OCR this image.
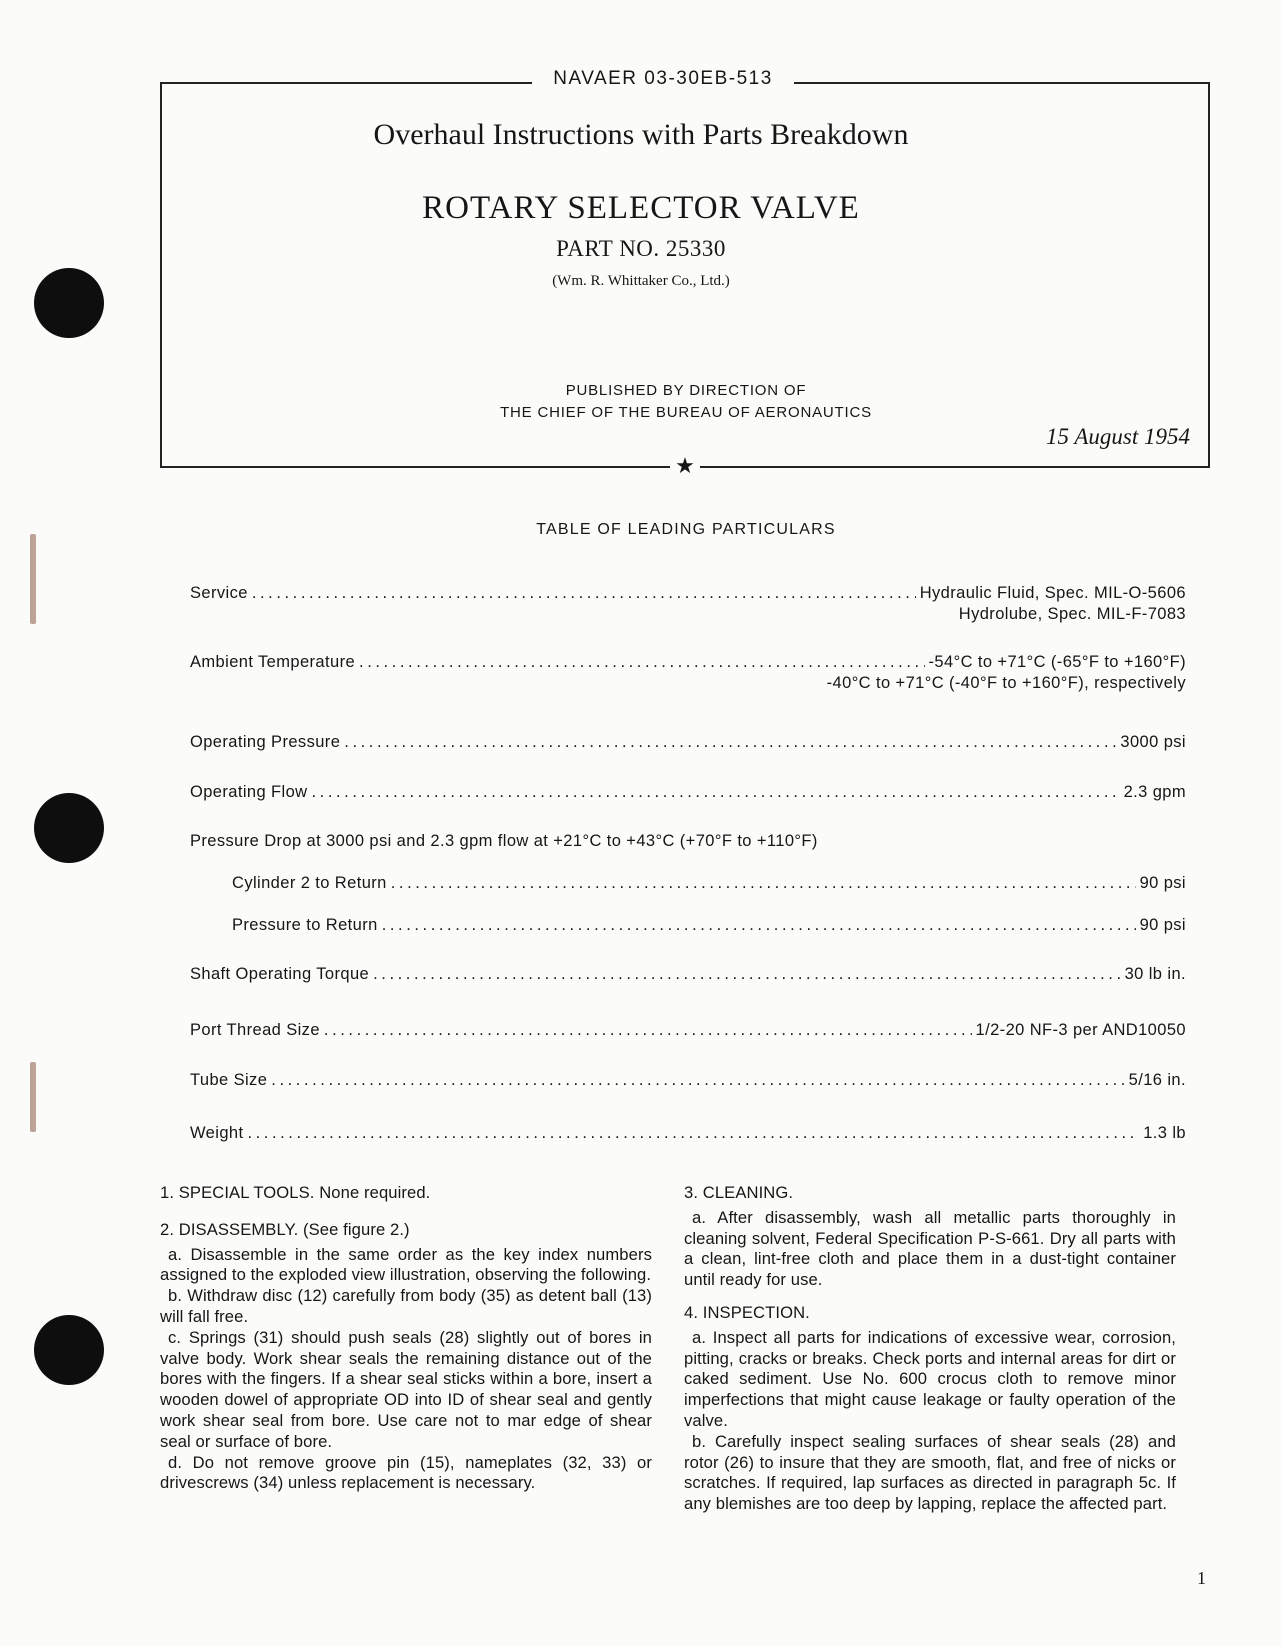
NAVAER 03-30EB-513
★
Overhaul Instructions with Parts Breakdown
ROTARY SELECTOR VALVE
PART NO. 25330
(Wm. R. Whittaker Co., Ltd.)
PUBLISHED BY DIRECTION OF
THE CHIEF OF THE BUREAU OF AERONAUTICS
15 August 1954
TABLE OF LEADING PARTICULARS
Service . . .	Hydraulic Fluid, Spec. MIL-O-5606
Hydrolube, Spec. MIL-F-7083
Ambient Temperature . . .	-54°C to +71°C (-65°F to +160°F)
-40°C to +71°C (-40°F to +160°F), respectively
Operating Pressure . . .	3000 psi
Operating Flow . . .	2.3 gpm
Pressure Drop at 3000 psi and 2.3 gpm flow at +21°C to +43°C (+70°F to +110°F)
Cylinder 2 to Return . . .	90 psi
Pressure to Return . . .	90 psi
Shaft Operating Torque . . .	30 lb in.
Port Thread Size . . .	1/2-20 NF-3 per AND10050
Tube Size . . .	5/16 in.
Weight . . .	1.3 lb

1. SPECIAL TOOLS. None required.

2. DISASSEMBLY. (See figure 2.)

a. Disassemble in the same order as the key index numbers assigned to the exploded view illustration, observing the following.

b. Withdraw disc (12) carefully from body (35) as detent ball (13) will fall free.

c. Springs (31) should push seals (28) slightly out of bores in valve body. Work shear seals the remaining distance out of the bores with the fingers. If a shear seal sticks within a bore, insert a wooden dowel of appropriate OD into ID of shear seal and gently work shear seal from bore. Use care not to mar edge of shear seal or surface of bore.

d. Do not remove groove pin (15), nameplates (32, 33) or drivescrews (34) unless replacement is necessary.

3. CLEANING.

a. After disassembly, wash all metallic parts thoroughly in cleaning solvent, Federal Specification P-S-661. Dry all parts with a clean, lint-free cloth and place them in a dust-tight container until ready for use.

4. INSPECTION.

a. Inspect all parts for indications of excessive wear, corrosion, pitting, cracks or breaks. Check ports and internal areas for dirt or caked sediment. Use No. 600 crocus cloth to remove minor imperfections that might cause leakage or faulty operation of the valve.

b. Carefully inspect sealing surfaces of shear seals (28) and rotor (26) to insure that they are smooth, flat, and free of nicks or scratches. If required, lap surfaces as directed in paragraph 5c. If any blemishes are too deep by lapping, replace the affected part.

1
